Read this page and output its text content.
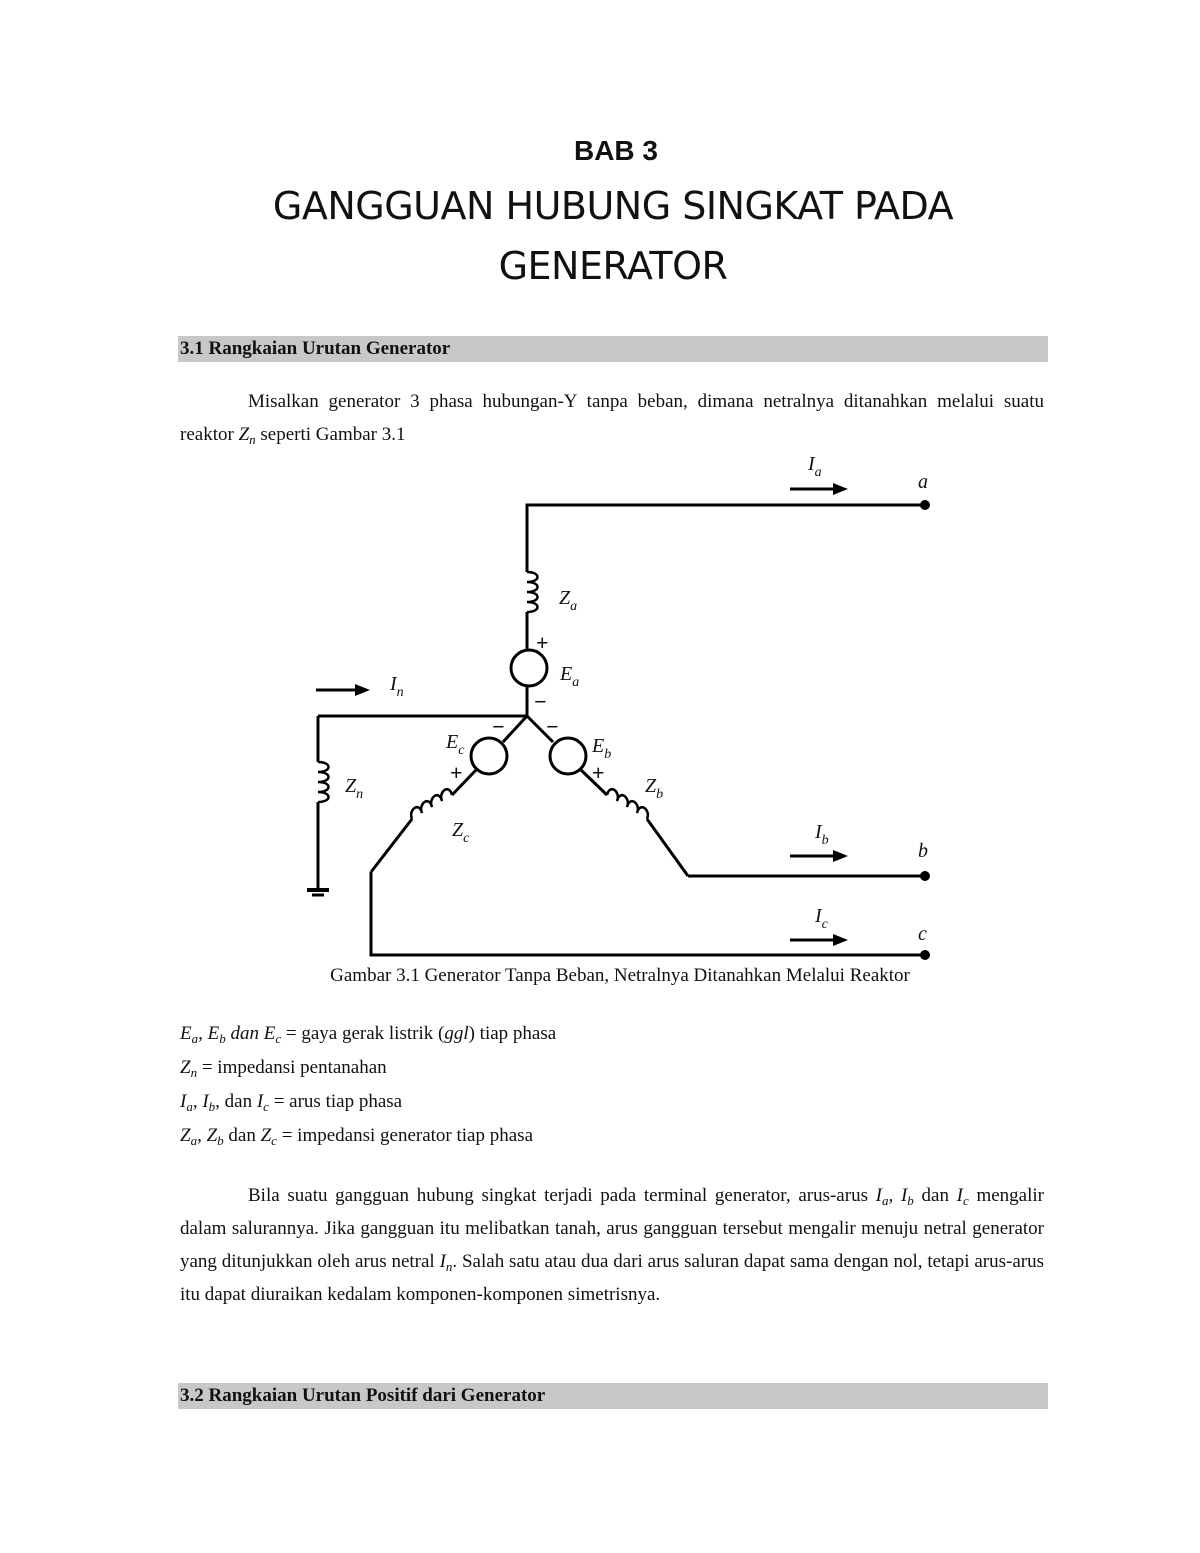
BAB 3
GANGGUAN HUBUNG SINGKAT PADA
GENERATOR
3.1 Rangkaian Urutan Generator
Misalkan generator 3 phasa hubungan-Y tanpa beban, dimana netralnya ditanahkan melalui suatu reaktor $Z_n$ seperti Gambar 3.1
$I_a$	a
$Z_a$
$E_a$
$I_n$
$E_c$	$E_b$
$Z_b$
$Z_n$
$Z_c$	$I_b$	b
$I_c$	c
+
−
− −
+	+
Gambar 3.1 Generator Tanpa Beban, Netralnya Ditanahkan Melalui Reaktor
$E_a$, $E_b$ dan $E_c$ = gaya gerak listrik (ggl) tiap phasa
$Z_n$ = impedansi pentanahan
$I_a$, $I_b$, dan $I_c$ = arus tiap phasa
$Z_a$, $Z_b$ dan $Z_c$ = impedansi generator tiap phasa
Bila suatu gangguan hubung singkat terjadi pada terminal generator, arus-arus $I_a$, $I_b$ dan $I_c$ mengalir dalam salurannya. Jika gangguan itu melibatkan tanah, arus gangguan tersebut mengalir menuju netral generator yang ditunjukkan oleh arus netral $I_n$. Salah satu atau dua dari arus saluran dapat sama dengan nol, tetapi arus-arus itu dapat diuraikan kedalam komponen-komponen simetrisnya.
3.2 Rangkaian Urutan Positif dari Generator
